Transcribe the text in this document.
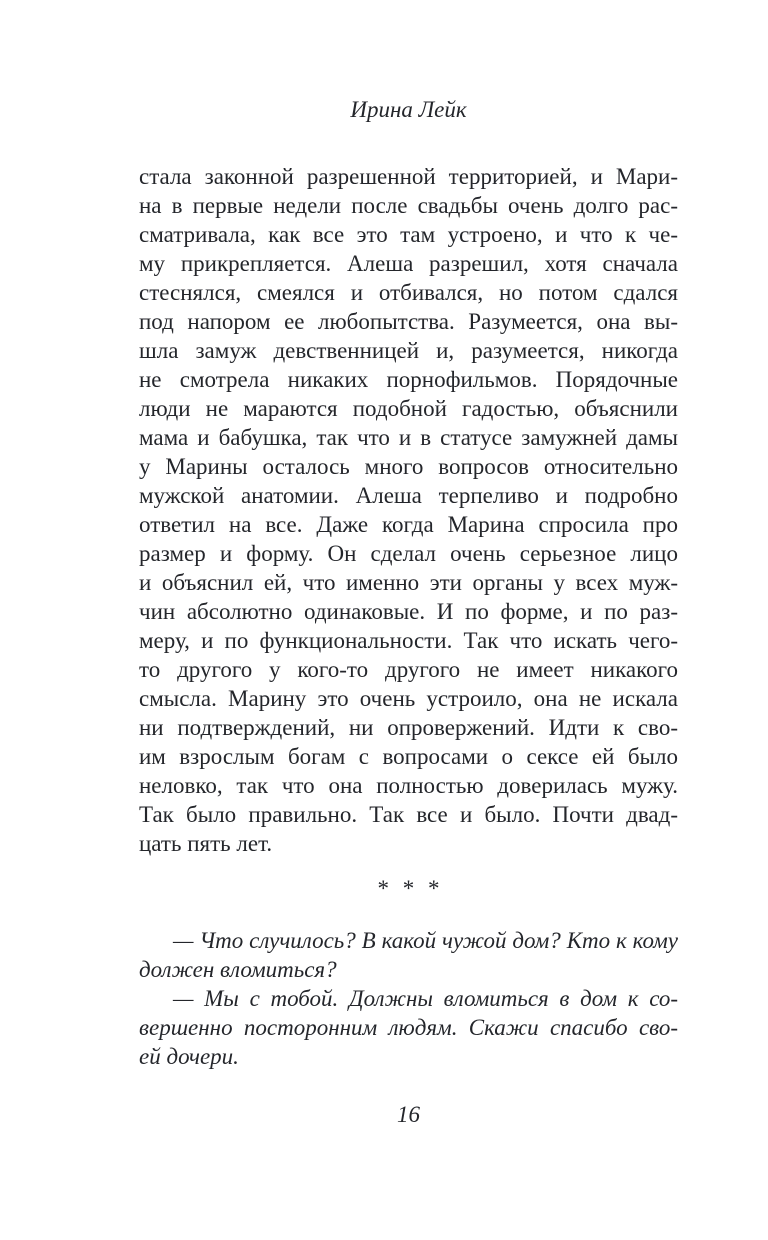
Ирина Лейк
стала законной разрешенной территорией, и Мари-
на в первые недели после свадьбы очень долго рас-
сматривала, как все это там устроено, и что к че-
му прикрепляется. Алеша разрешил, хотя сначала
стеснялся, смеялся и отбивался, но потом сдался
под напором ее любопытства. Разумеется, она вы-
шла замуж девственницей и, разумеется, никогда
не смотрела никаких порнофильмов. Порядочные
люди не мараются подобной гадостью, объяснили
мама и бабушка, так что и в статусе замужней дамы
у Марины осталось много вопросов относительно
мужской анатомии. Алеша терпеливо и подробно
ответил на все. Даже когда Марина спросила про
размер и форму. Он сделал очень серьезное лицо
и объяснил ей, что именно эти органы у всех муж-
чин абсолютно одинаковые. И по форме, и по раз-
меру, и по функциональности. Так что искать чего-
то другого у кого-то другого не имеет никакого
смысла. Марину это очень устроило, она не искала
ни подтверждений, ни опровержений. Идти к сво-
им взрослым богам с вопросами о сексе ей было
неловко, так что она полностью доверилась мужу.
Так было правильно. Так все и было. Почти двад-
цать пять лет.
* * *
— Что случилось? В какой чужой дом? Кто к кому
должен вломиться?
— Мы с тобой. Должны вломиться в дом к со-
вершенно посторонним людям. Скажи спасибо сво-
ей дочери.
16
